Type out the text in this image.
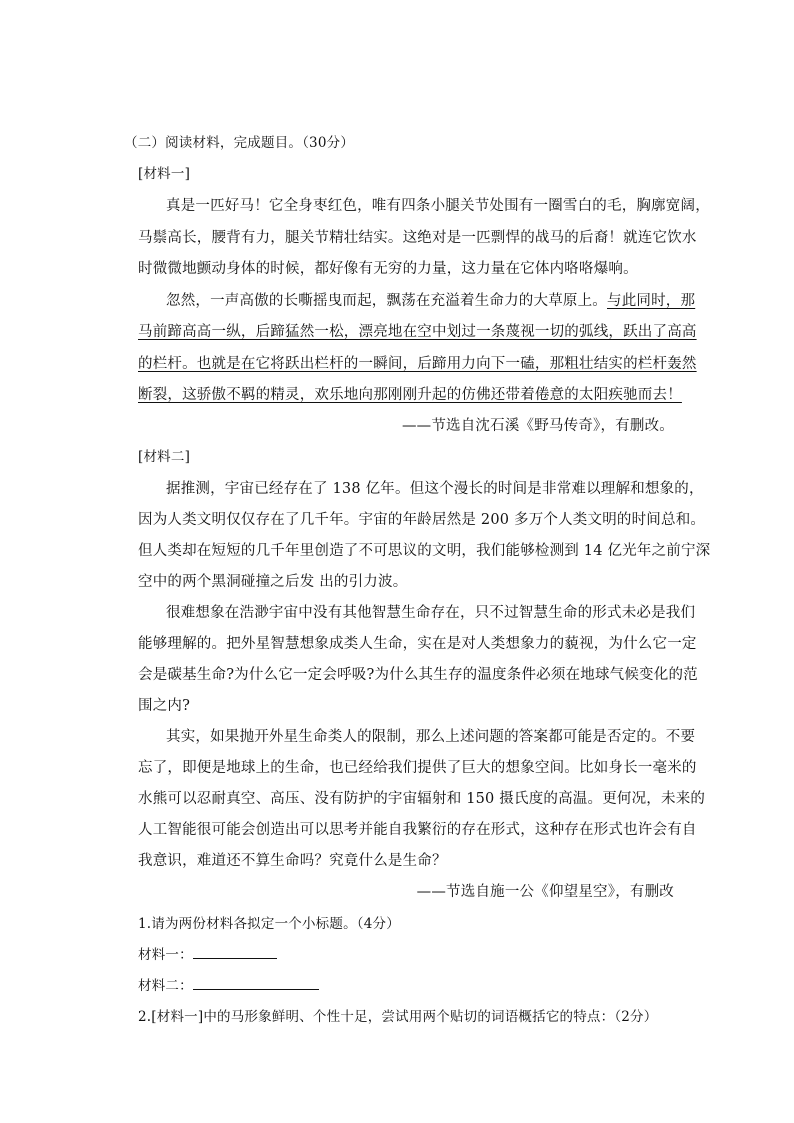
（二）阅读材料，完成题目。（30分）
[材料一]
真是一匹好马！它全身枣红色，唯有四条小腿关节处围有一圈雪白的毛，胸廓宽阔，
马鬃高长，腰背有力，腿关节精壮结实。这绝对是一匹剽悍的战马的后裔！就连它饮水
时微微地颤动身体的时候，都好像有无穷的力量，这力量在它体内咯咯爆响。
忽然，一声高傲的长嘶摇曳而起，飘荡在充溢着生命力的大草原上。与此同时，那
马前蹄高高一纵，后蹄猛然一松，漂亮地在空中划过一条蔑视一切的弧线，跃出了高高
的栏杆。也就是在它将跃出栏杆的一瞬间，后蹄用力向下一磕，那粗壮结实的栏杆轰然
断裂，这骄傲不羁的精灵，欢乐地向那刚刚升起的仿佛还带着倦意的太阳疾驰而去！
——节选自沈石溪《野马传奇》，有删改。
[材料二]
据推测，宇宙已经存在了 138 亿年。但这个漫长的时间是非常难以理解和想象的，
因为人类文明仅仅存在了几千年。宇宙的年龄居然是 200 多万个人类文明的时间总和。
但人类却在短短的几千年里创造了不可思议的文明，我们能够检测到 14 亿光年之前宁深
空中的两个黑洞碰撞之后发 出的引力波。
很难想象在浩渺宇宙中没有其他智慧生命存在，只不过智慧生命的形式未必是我们
能够理解的。把外星智慧想象成类人生命，实在是对人类想象力的藐视，为什么它一定
会是碳基生命?为什么它一定会呼吸?为什么其生存的温度条件必须在地球气候变化的范
围之内?
其实，如果抛开外星生命类人的限制，那么上述问题的答案都可能是否定的。不要
忘了，即便是地球上的生命，也已经给我们提供了巨大的想象空间。比如身长一毫米的
水熊可以忍耐真空、高压、没有防护的宇宙辐射和 150 摄氏度的高温。更何况，未来的
人工智能很可能会创造出可以思考并能自我繁衍的存在形式，这种存在形式也许会有自
我意识，难道还不算生命吗？究竟什么是生命？
——节选自施一公《仰望星空》，有删改
1.请为两份材料各拟定一个小标题。（4分）
材料一：
材料二：
2.[材料一]中的马形象鲜明、个性十足，尝试用两个贴切的词语概括它的特点：（2分）
